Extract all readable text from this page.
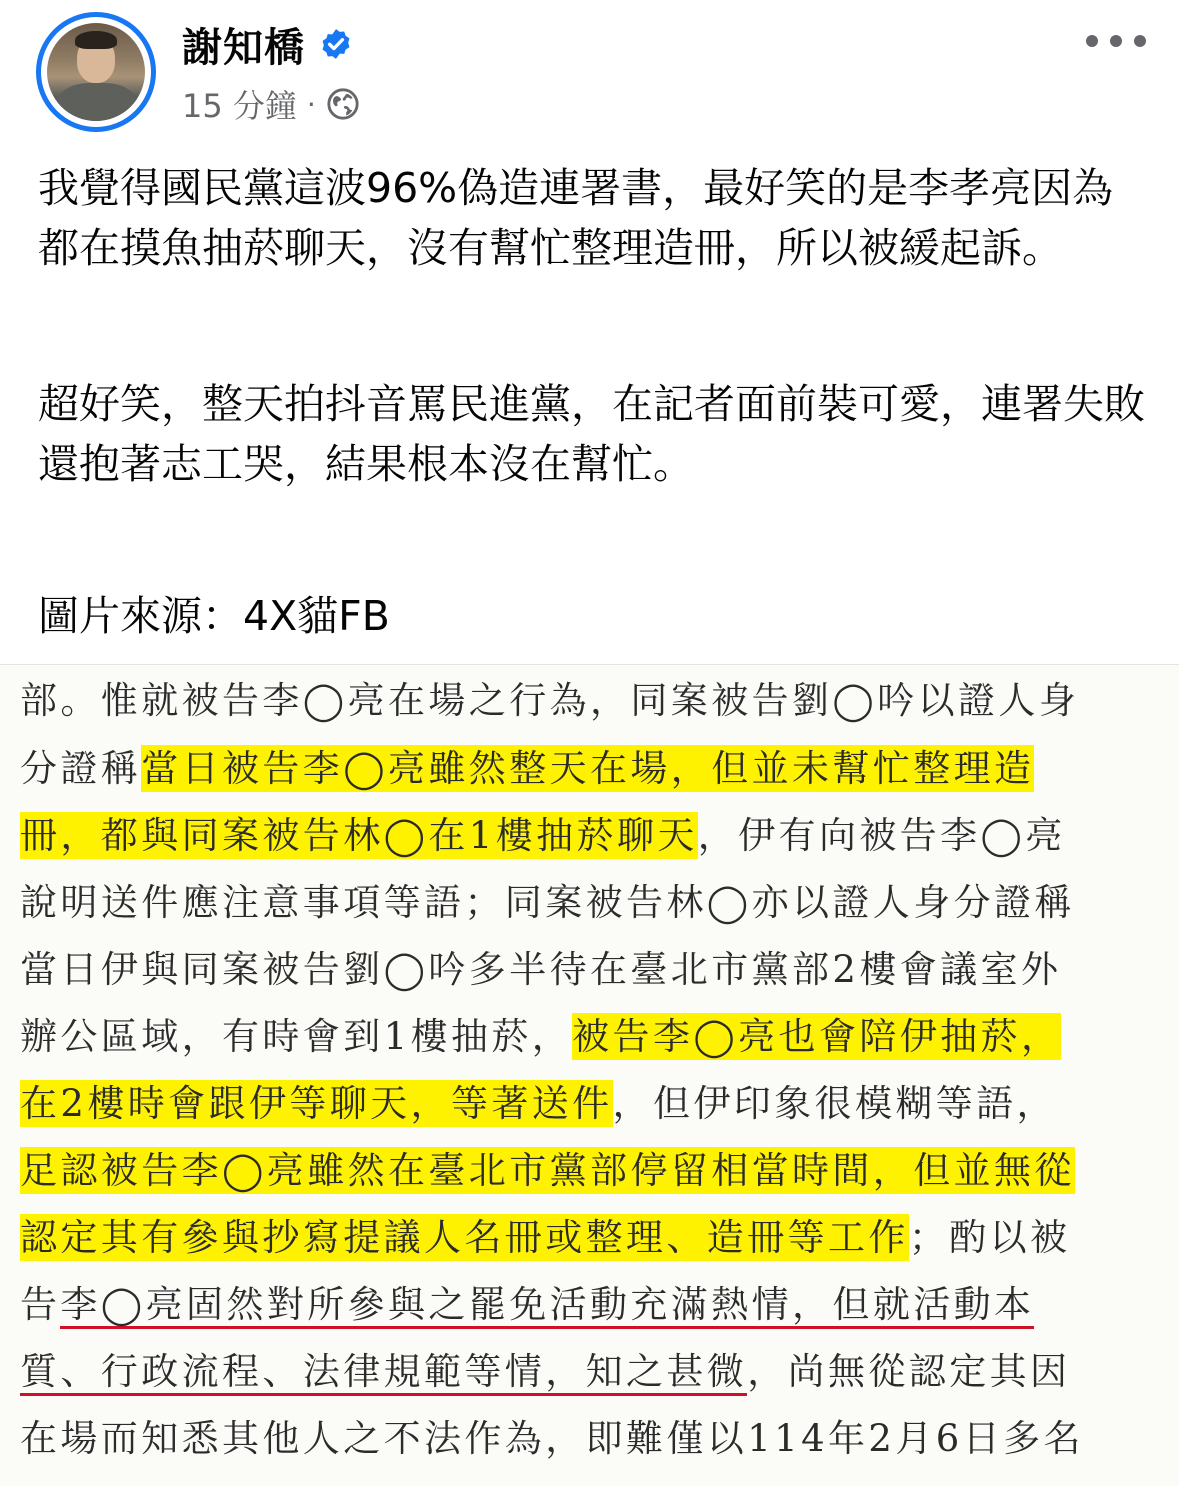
謝知橋
15 分鐘 ·

我覺得國民黨這波96%偽造連署書，最好笑的是李孝亮因為都在摸魚抽菸聊天，沒有幫忙整理造冊，所以被緩起訴。

超好笑，整天拍抖音罵民進黨，在記者面前裝可愛，連署失敗還抱著志工哭，結果根本沒在幫忙。

圖片來源：4X貓FB

部。惟就被告李◯亮在場之行為，同案被告劉◯吟以證人身
分證稱當日被告李◯亮雖然整天在場，但並未幫忙整理造
冊，都與同案被告林◯在1樓抽菸聊天，伊有向被告李◯亮
說明送件應注意事項等語；同案被告林◯亦以證人身分證稱
當日伊與同案被告劉◯吟多半待在臺北市黨部2樓會議室外
辦公區域，有時會到1樓抽菸，被告李◯亮也會陪伊抽菸，
在2樓時會跟伊等聊天，等著送件，但伊印象很模糊等語，
足認被告李◯亮雖然在臺北市黨部停留相當時間，但並無從
認定其有參與抄寫提議人名冊或整理、造冊等工作；酌以被
告李◯亮固然對所參與之罷免活動充滿熱情，但就活動本
質、行政流程、法律規範等情，知之甚微，尚無從認定其因
在場而知悉其他人之不法作為，即難僅以114年2月6日多名
